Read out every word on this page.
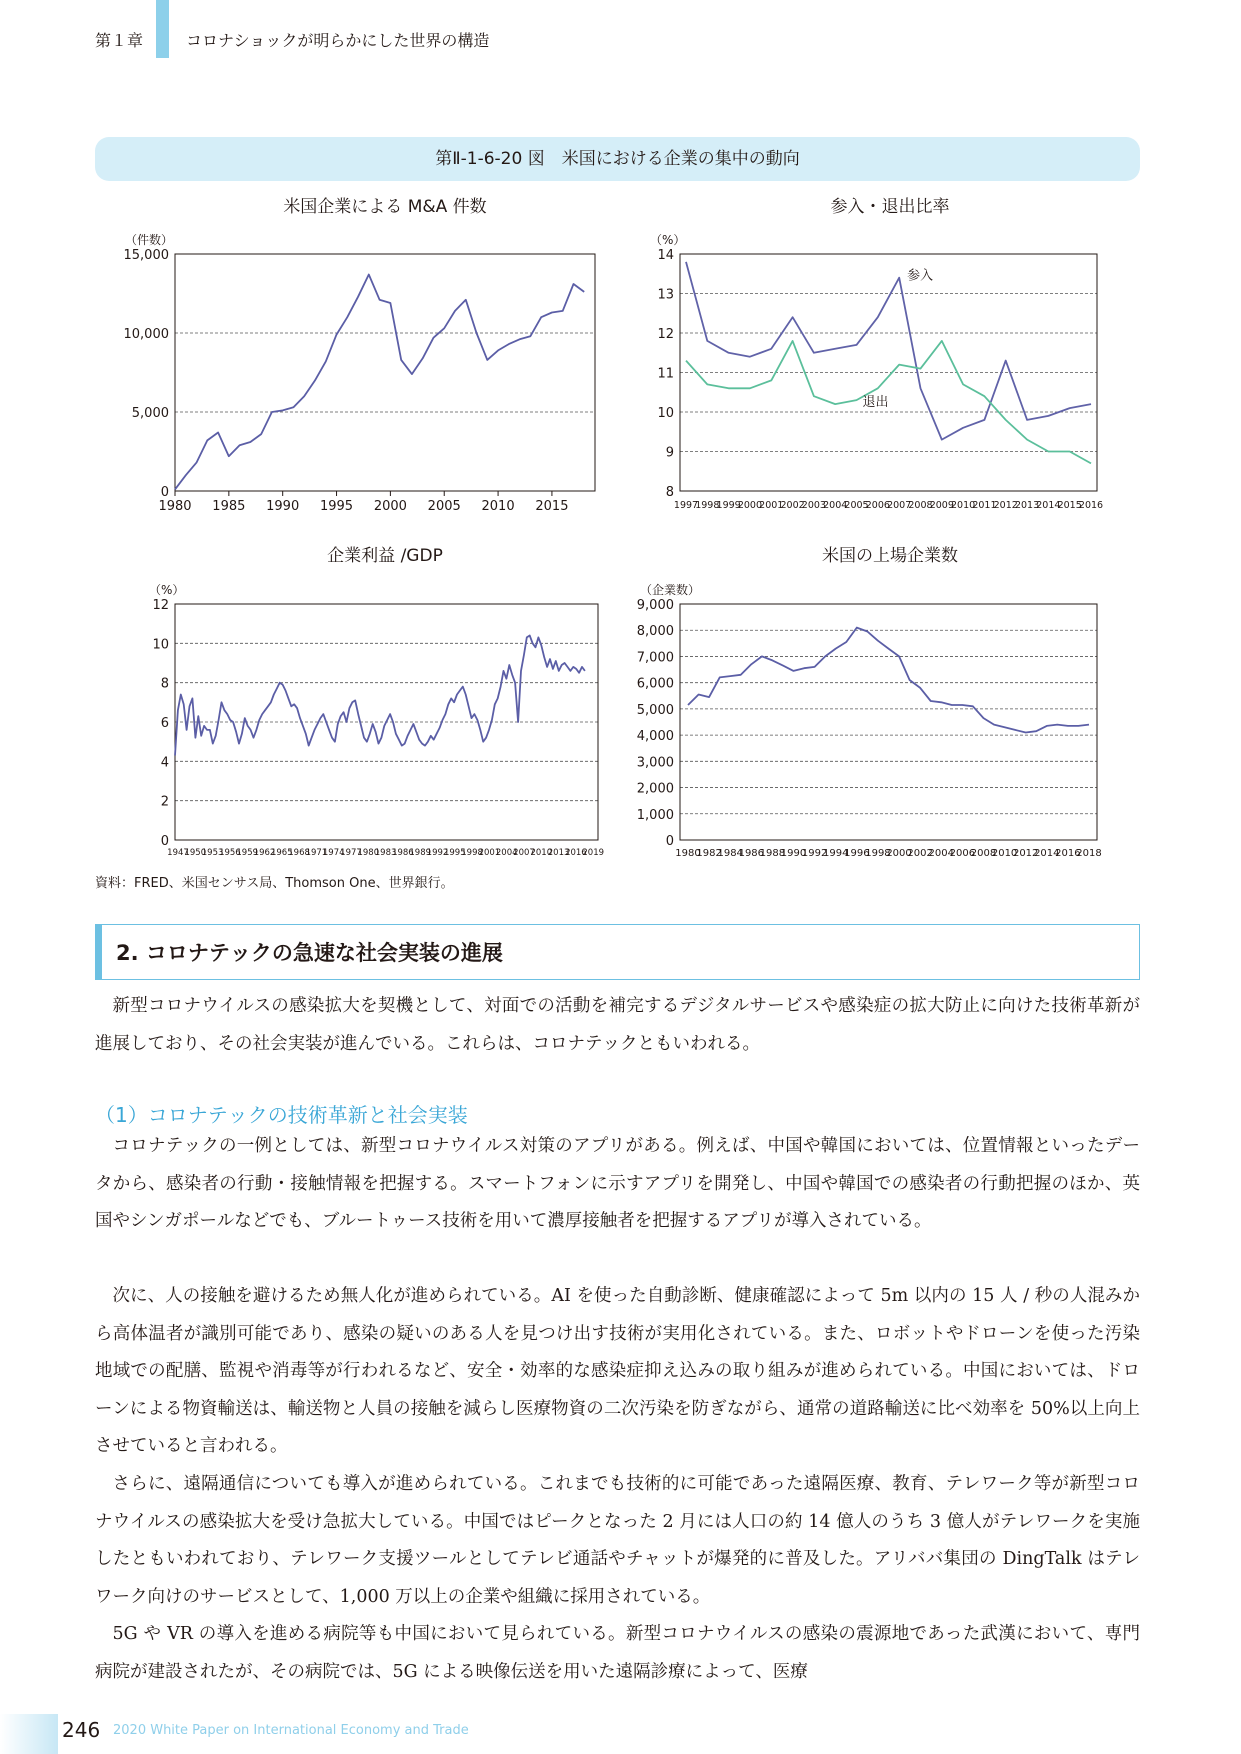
第１章	コロナショックが明らかにした世界の構造
第Ⅱ-1-6-20 図　米国における企業の集中の動向
米国企業による M&A 件数	参入・退出比率
企業利益 /GDP	米国の上場企業数
0
5,000
10,000
15,000
（件数）
1980 1985 1990 1995 2000 2005 2010 2015
8
9
10
11
12
13
14
（%）
1997
1998
1999
2000
2001
2002
2003
2004
2005
2006
2007
2008
2009
2010
2011
2012
2013
2014
2015
2016
参入
退出
0
2
4
6
8
10
12
（%）
1947
1950
1953
1956
1959
1962
1965
1968
1971
1974
1977
1980
1983
1986
1989
1992
1995
1998
2001
2004
2007
2010
2013
2016
2019
0
1,000
2,000
3,000
4,000
5,000
6,000
7,000
8,000
9,000
（企業数）
1980
1982
1984
1986
1988
1990
1992
1994
1996
1998
2000
2002
2004
2006
2008
2010
2012
2014
2016
2018
資料：FRED、米国センサス局、Thomson One、世界銀行。
2. コロナテックの急速な社会実装の進展
新型コロナウイルスの感染拡大を契機として、対面での活動を補完するデジタルサービスや感染症の拡大防止に向けた技術革新が進展しており、その社会実装が進んでいる。これらは、コロナテックともいわれる。
（1）コロナテックの技術革新と社会実装
コロナテックの一例としては、新型コロナウイルス対策のアプリがある。例えば、中国や韓国においては、位置情報といったデータから、感染者の行動・接触情報を把握する。スマートフォンに示すアプリを開発し、中国や韓国での感染者の行動把握のほか、英国やシンガポールなどでも、ブルートゥース技術を用いて濃厚接触者を把握するアプリが導入されている。
次に、人の接触を避けるため無人化が進められている。AI を使った自動診断、健康確認によって 5m 以内の 15 人 / 秒の人混みから高体温者が識別可能であり、感染の疑いのある人を見つけ出す技術が実用化されている。また、ロボットやドローンを使った汚染地域での配膳、監視や消毒等が行われるなど、安全・効率的な感染症抑え込みの取り組みが進められている。中国においては、ドローンによる物資輸送は、輸送物と人員の接触を減らし医療物資の二次汚染を防ぎながら、通常の道路輸送に比べ効率を 50%以上向上させていると言われる。
さらに、遠隔通信についても導入が進められている。これまでも技術的に可能であった遠隔医療、教育、テレワーク等が新型コロナウイルスの感染拡大を受け急拡大している。中国ではピークとなった 2 月には人口の約 14 億人のうち 3 億人がテレワークを実施したともいわれており、テレワーク支援ツールとしてテレビ通話やチャットが爆発的に普及した。アリババ集団の DingTalk はテレワーク向けのサービスとして、1,000 万以上の企業や組織に採用されている。
5G や VR の導入を進める病院等も中国において見られている。新型コロナウイルスの感染の震源地であった武漢において、専門病院が建設されたが、その病院では、5G による映像伝送を用いた遠隔診療によって、医療
246 2020 White Paper on International Economy and Trade
